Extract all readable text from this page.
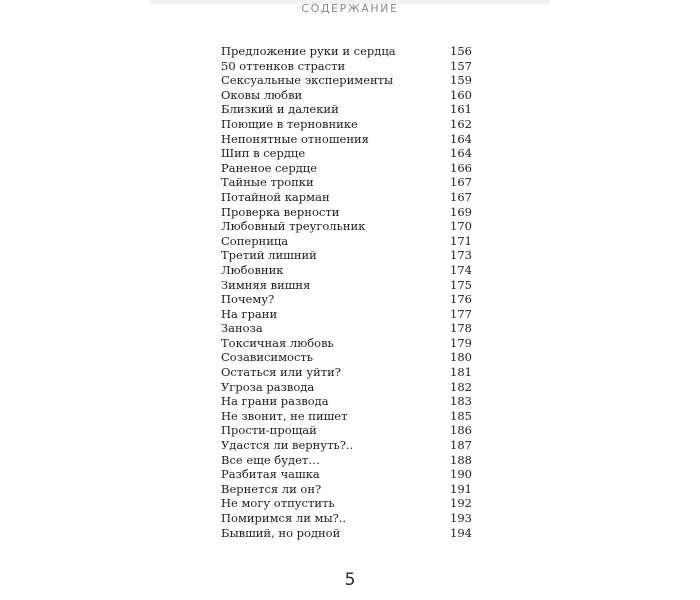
СОДЕРЖАНИЕ
Предложение руки и сердца	156
50 оттенков страсти	157
Сексуальные эксперименты	159
Оковы любви	160
Близкий и далекий	161
Поющие в терновнике	162
Непонятные отношения	164
Шип в сердце	164
Раненое сердце	166
Тайные тропки	167
Потайной карман	167
Проверка верности	169
Любовный треугольник	170
Соперница	171
Третий лишний	173
Любовник	174
Зимняя вишня	175
Почему?	176
На грани	177
Заноза	178
Токсичная любовь	179
Созависимость	180
Остаться или уйти?	181
Угроза развода	182
На грани развода	183
Не звонит, не пишет	185
Прости-прощай	186
Удастся ли вернуть?..	187
Все еще будет…	188
Разбитая чашка	190
Вернется ли он?	191
Не могу отпустить	192
Помиримся ли мы?..	193
Бывший, но родной	194
5
